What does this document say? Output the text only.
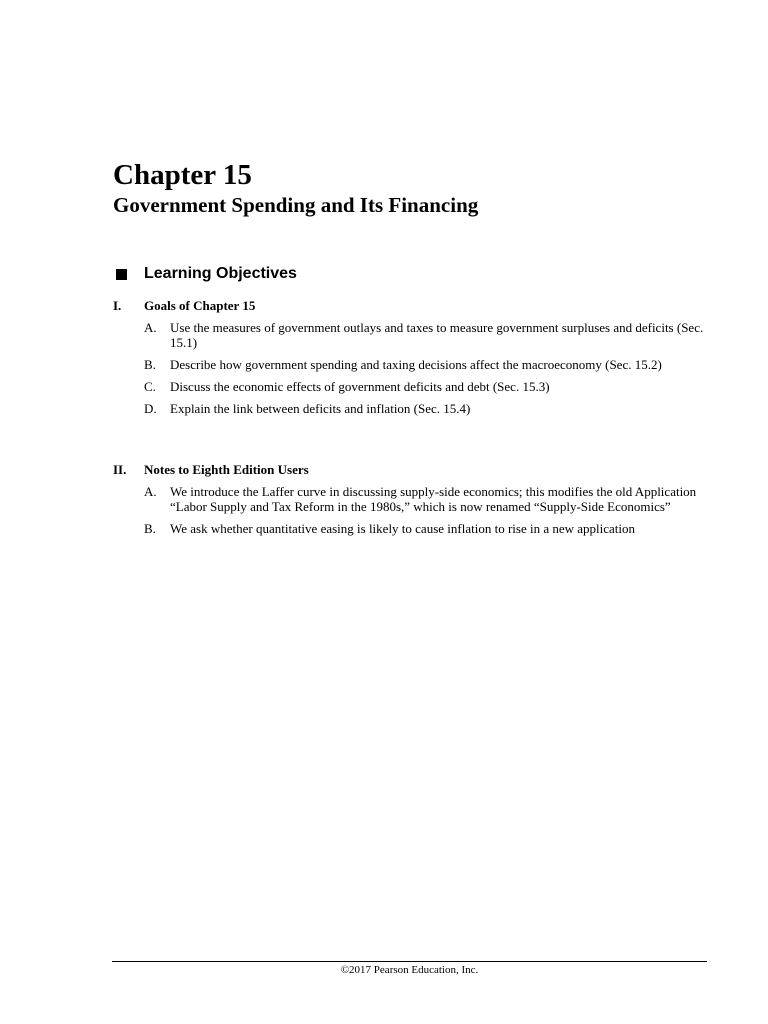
Chapter 15
Government Spending and Its Financing
Learning Objectives
I.	Goals of Chapter 15
A. Use the measures of government outlays and taxes to measure government surpluses and deficits (Sec. 15.1)
B. Describe how government spending and taxing decisions affect the macroeconomy (Sec. 15.2)
C. Discuss the economic effects of government deficits and debt (Sec. 15.3)
D. Explain the link between deficits and inflation (Sec. 15.4)
II.	Notes to Eighth Edition Users
A. We introduce the Laffer curve in discussing supply-side economics; this modifies the old Application “Labor Supply and Tax Reform in the 1980s,” which is now renamed “Supply-Side Economics”
B. We ask whether quantitative easing is likely to cause inflation to rise in a new application
©2017 Pearson Education, Inc.
